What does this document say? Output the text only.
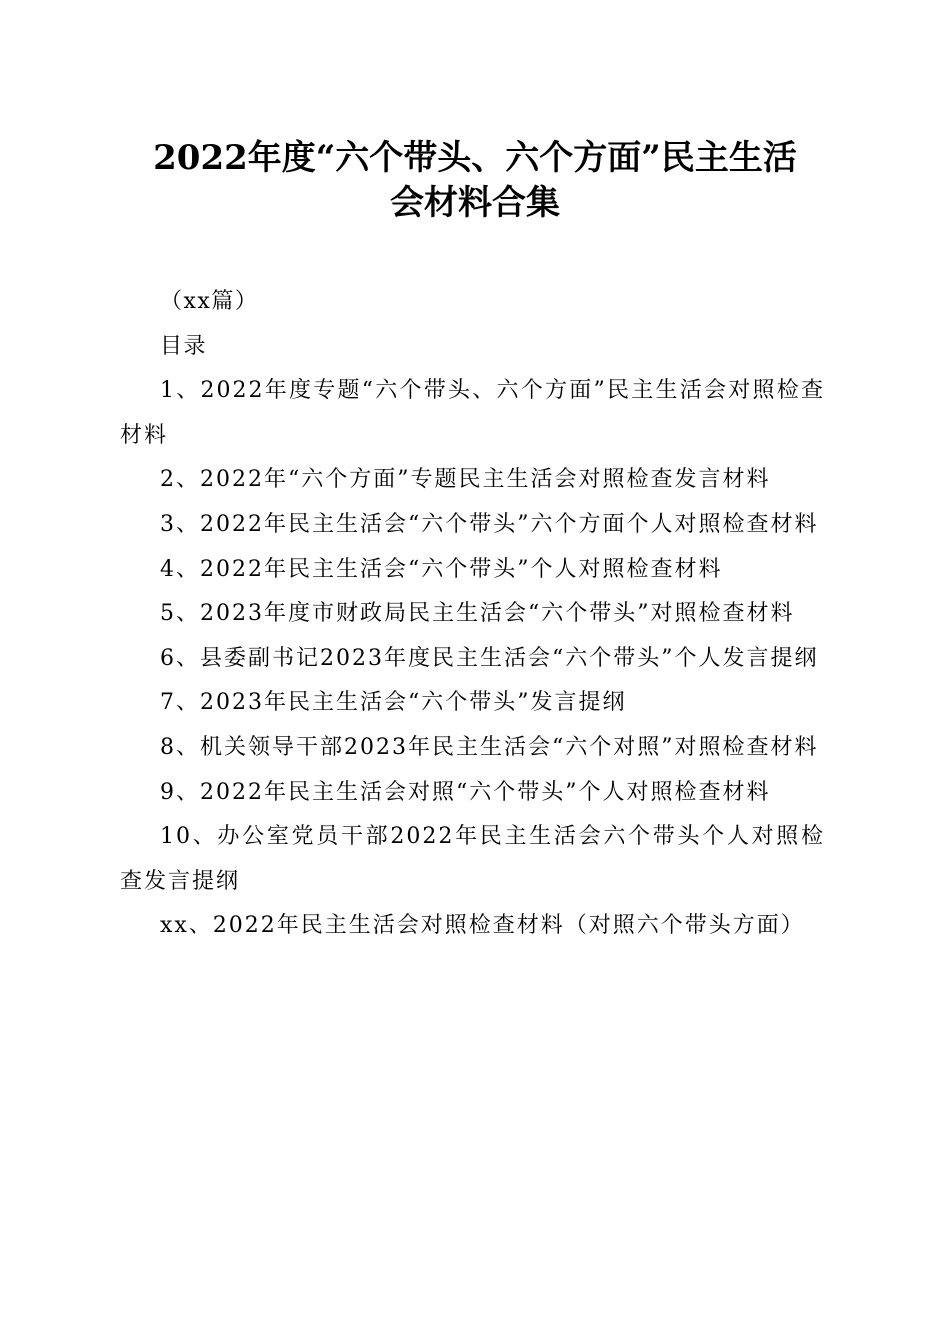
2022年度“六个带头、六个方面”民主生活
会材料合集

（xx篇）

目录

1、2022年度专题“六个带头、六个方面”民主生活会对照检查材料

2、2022年“六个方面”专题民主生活会对照检查发言材料

3、2022年民主生活会“六个带头”六个方面个人对照检查材料

4、2022年民主生活会“六个带头”个人对照检查材料

5、2023年度市财政局民主生活会“六个带头”对照检查材料

6、县委副书记2023年度民主生活会“六个带头”个人发言提纲

7、2023年民主生活会“六个带头”发言提纲

8、机关领导干部2023年民主生活会“六个对照”对照检查材料

9、2022年民主生活会对照“六个带头”个人对照检查材料

10、办公室党员干部2022年民主生活会六个带头个人对照检查发言提纲

xx、2022年民主生活会对照检查材料（对照六个带头方面）
